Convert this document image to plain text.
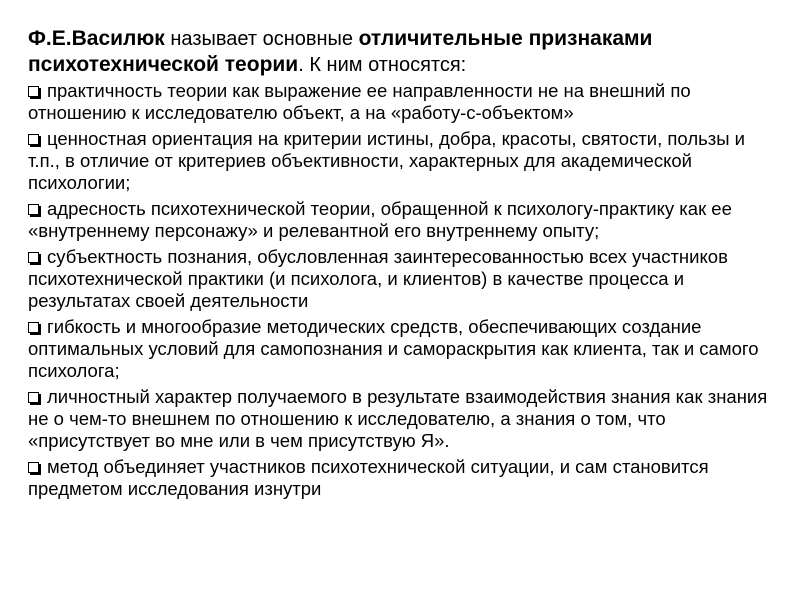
Ф.Е.Василюк называет основные отличительные признаками психотехнической теории. К ним относятся:
практичность теории как выражение ее направленности не на внешний по отношению к исследователю объект, а на «работу-с-объектом»
ценностная ориентация на критерии истины, добра, красоты, святости, пользы и т.п., в отличие от критериев объективности, характерных для академической психологии;
адресность психотехнической теории, обращенной к психологу-практику как ее «внутреннему персонажу» и релевантной его внутреннему опыту;
субъектность познания, обусловленная заинтересованностью всех участников психотехнической практики (и психолога, и клиентов) в качестве процесса и результатах своей деятельности
гибкость и многообразие методических средств, обеспечивающих создание оптимальных условий для самопознания и самораскрытия как клиента, так и самого психолога;
личностный характер получаемого в результате взаимодействия знания как знания не о чем-то внешнем по отношению к исследователю, а знания о том, что «присутствует во мне или в чем присутствую Я».
метод объединяет участников психотехнической ситуации, и сам становится предметом исследования изнутри
